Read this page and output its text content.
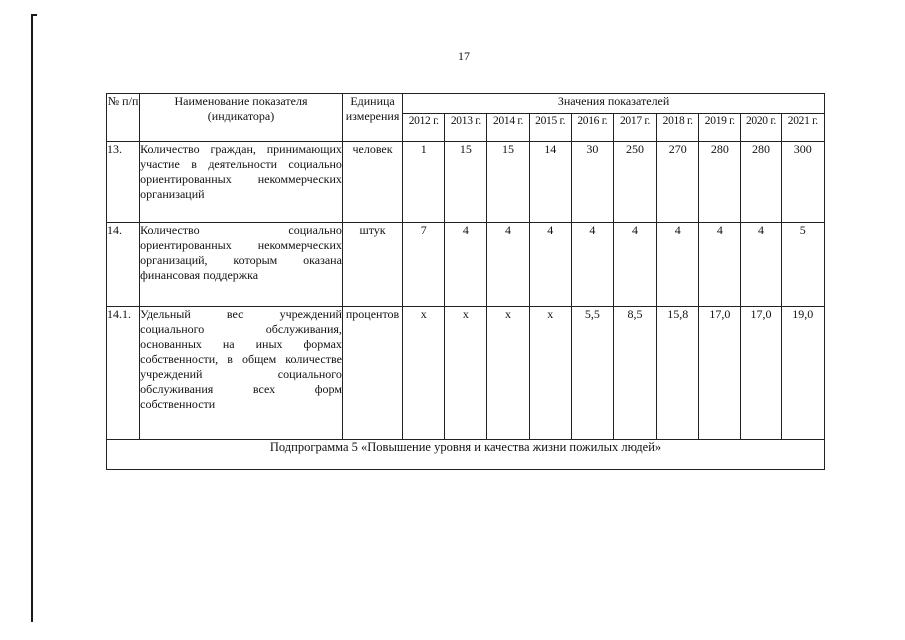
17
№ п/п	Наименование показателя (индикатора)	Единица измерения	Значения показателей									
			2012 г.	2013 г.	2014 г.	2015 г.	2016 г.	2017 г.	2018 г.	2019 г.	2020 г.	2021 г.
13.	Количество граждан, принимающих участие в деятельности социально ориентированных некоммерческих организаций	человек	1	15	15	14	30	250	270	280	280	300
14.	Количество социально ориентированных некоммерческих организаций, которым оказана финансовая поддержка	штук	7	4	4	4	4	4	4	4	4	5
14.1.	Удельный вес учреждений социального обслуживания, основанных на иных формах собственности, в общем количестве учреждений социального обслуживания всех форм собственности	процентов	х	х	х	х	5,5	8,5	15,8	17,0	17,0	19,0
Подпрограмма 5 «Повышение уровня и качества жизни пожилых людей»												
